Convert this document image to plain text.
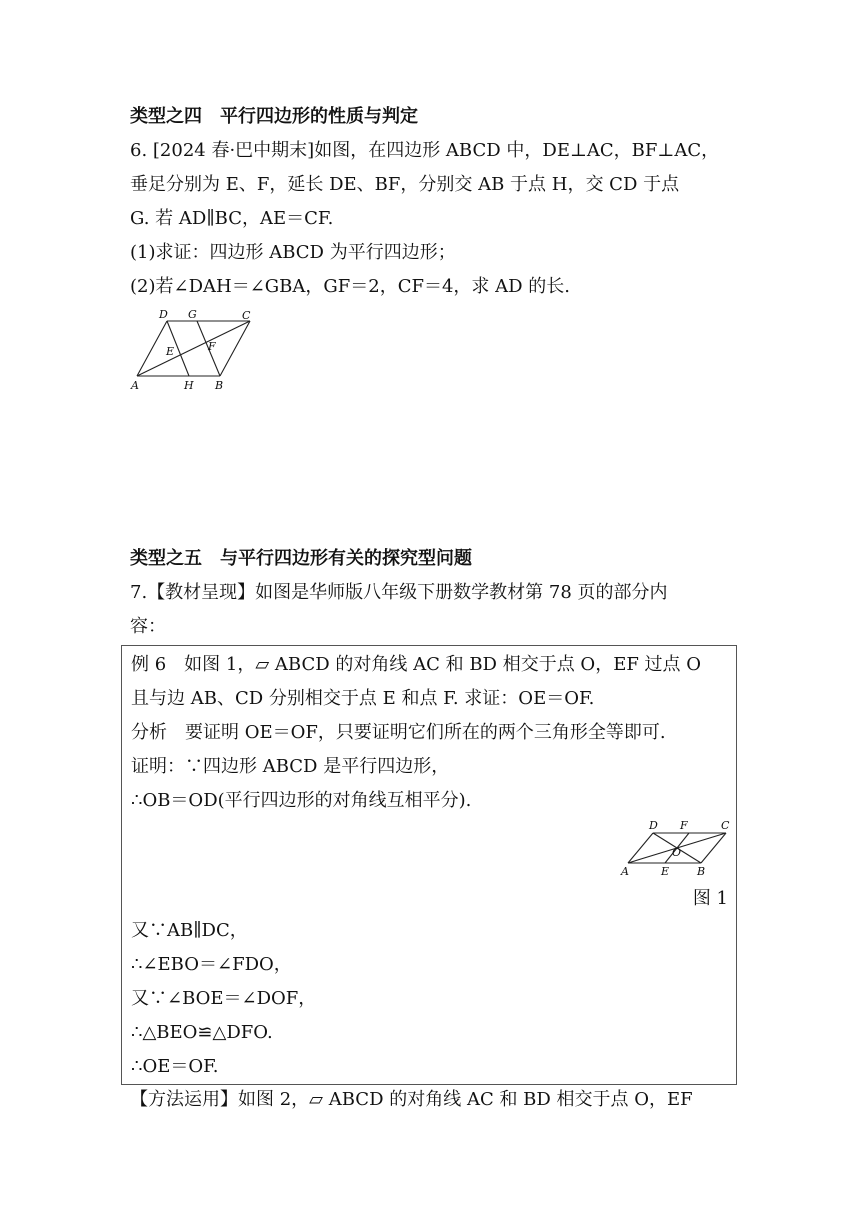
类型之四　平行四边形的性质与判定
6. [2024 春·巴中期末]如图，在四边形 ABCD 中，DE⊥AC，BF⊥AC，
垂足分别为 E、F，延长 DE、BF，分别交 AB 于点 H，交 CD 于点
G. 若 AD∥BC，AE＝CF.
(1)求证：四边形 ABCD 为平行四边形；
(2)若∠DAH＝∠GBA，GF＝2，CF＝4，求 AD 的长.
D G	C
E	F
A	H B
类型之五　与平行四边形有关的探究型问题
7.【教材呈现】如图是华师版八年级下册数学教材第 78 页的部分内
容：
例 6　如图 1，▱ ABCD 的对角线 AC 和 BD 相交于点 O，EF 过点 O
且与边 AB、CD 分别相交于点 E 和点 F. 求证：OE＝OF.
分析　要证明 OE＝OF，只要证明它们所在的两个三角形全等即可.
证明：∵四边形 ABCD 是平行四边形，
∴OB＝OD(平行四边形的对角线互相平分).
D F	C
O
A	E	B
图 1
又∵AB∥DC，
∴∠EBO＝∠FDO，
又∵∠BOE＝∠DOF，
∴△BEO≌△DFO.
∴OE＝OF.
【方法运用】如图 2，▱ ABCD 的对角线 AC 和 BD 相交于点 O，EF
